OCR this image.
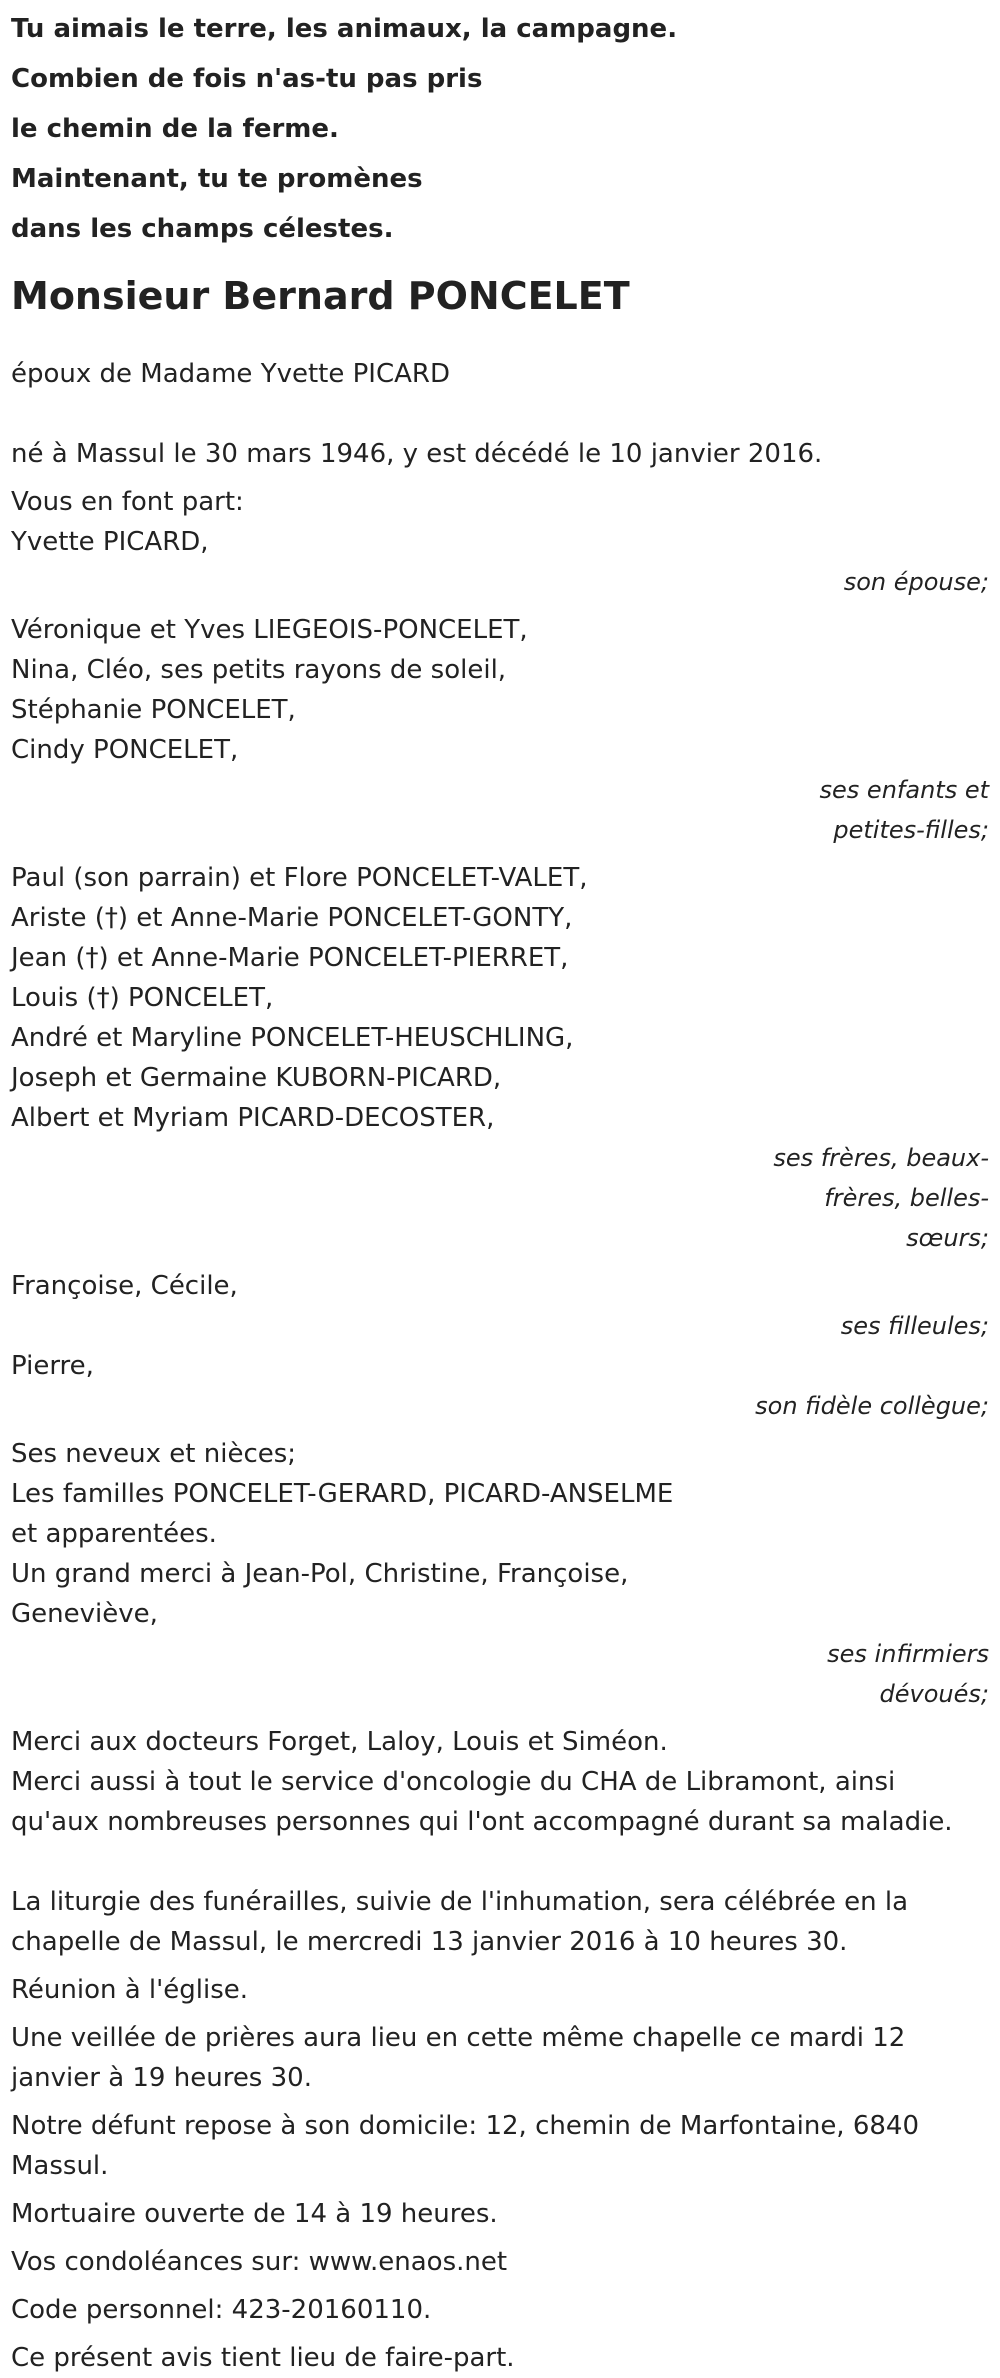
Tu aimais le terre, les animaux, la campagne.
Combien de fois n'as-tu pas pris
le chemin de la ferme.
Maintenant, tu te promènes
dans les champs célestes.
Monsieur Bernard PONCELET
époux de Madame Yvette PICARD
né à Massul le 30 mars 1946, y est décédé le 10 janvier 2016.
Vous en font part:
Yvette PICARD,
son épouse;
Véronique et Yves LIEGEOIS-PONCELET,
Nina, Cléo, ses petits rayons de soleil,
Stéphanie PONCELET,
Cindy PONCELET,
ses enfants et petites-filles;
Paul (son parrain) et Flore PONCELET-VALET,
Ariste (†) et Anne-Marie PONCELET-GONTY,
Jean (†) et Anne-Marie PONCELET-PIERRET,
Louis (†) PONCELET,
André et Maryline PONCELET-HEUSCHLING,
Joseph et Germaine KUBORN-PICARD,
Albert et Myriam PICARD-DECOSTER,
ses frères, beaux-frères, belles-sœurs;
Françoise, Cécile,
ses filleules;
Pierre,
son fidèle collègue;
Ses neveux et nièces;
Les familles PONCELET-GERARD, PICARD-ANSELME
et apparentées.
Un grand merci à Jean-Pol, Christine, Françoise,
Geneviève,
ses infirmiers dévoués;
Merci aux docteurs Forget, Laloy, Louis et Siméon.
Merci aussi à tout le service d'oncologie du CHA de Libramont, ainsi qu'aux nombreuses personnes qui l'ont accompagné durant sa maladie.
La liturgie des funérailles, suivie de l'inhumation, sera célébrée en la chapelle de Massul, le mercredi 13 janvier 2016 à 10 heures 30.
Réunion à l'église.
Une veillée de prières aura lieu en cette même chapelle ce mardi 12 janvier à 19 heures 30.
Notre défunt repose à son domicile: 12, chemin de Marfontaine, 6840 Massul.
Mortuaire ouverte de 14 à 19 heures.
Vos condoléances sur: www.enaos.net
Code personnel: 423-20160110.
Ce présent avis tient lieu de faire-part.
